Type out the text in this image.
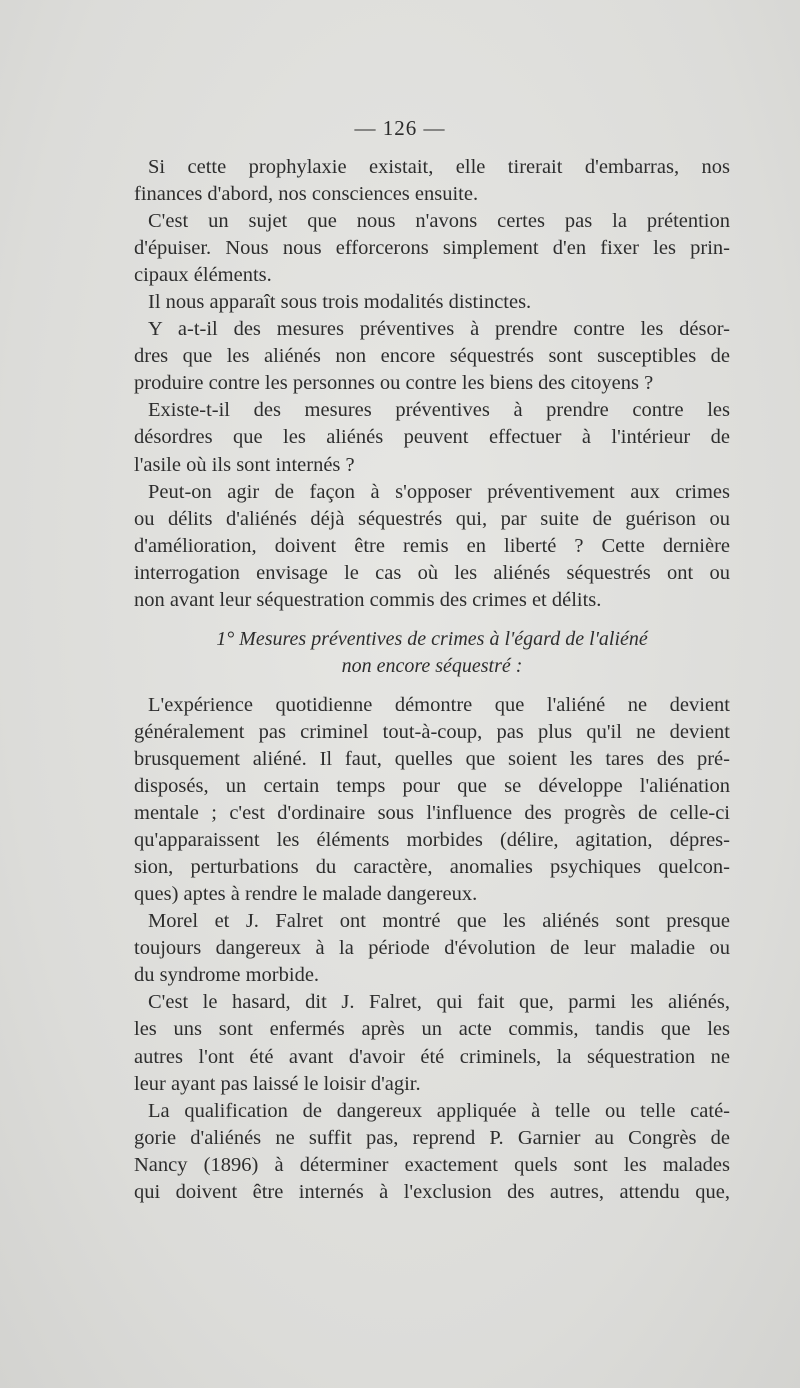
— 126 —
Si cette prophylaxie existait, elle tirerait d'embarras, nos
finances d'abord, nos consciences ensuite.
C'est un sujet que nous n'avons certes pas la prétention
d'épuiser. Nous nous efforcerons simplement d'en fixer les prin-
cipaux éléments.
Il nous apparaît sous trois modalités distinctes.
Y a-t-il des mesures préventives à prendre contre les désor-
dres que les aliénés non encore séquestrés sont susceptibles de
produire contre les personnes ou contre les biens des citoyens ?
Existe-t-il des mesures préventives à prendre contre les
désordres que les aliénés peuvent effectuer à l'intérieur de
l'asile où ils sont internés ?
Peut-on agir de façon à s'opposer préventivement aux crimes
ou délits d'aliénés déjà séquestrés qui, par suite de guérison ou
d'amélioration, doivent être remis en liberté ? Cette dernière
interrogation envisage le cas où les aliénés séquestrés ont ou
non avant leur séquestration commis des crimes et délits.
1° Mesures préventives de crimes à l'égard de l'aliéné
non encore séquestré :
L'expérience quotidienne démontre que l'aliéné ne devient
généralement pas criminel tout-à-coup, pas plus qu'il ne devient
brusquement aliéné. Il faut, quelles que soient les tares des pré-
disposés, un certain temps pour que se développe l'aliénation
mentale ; c'est d'ordinaire sous l'influence des progrès de celle-ci
qu'apparaissent les éléments morbides (délire, agitation, dépres-
sion, perturbations du caractère, anomalies psychiques quelcon-
ques) aptes à rendre le malade dangereux.
Morel et J. Falret ont montré que les aliénés sont presque
toujours dangereux à la période d'évolution de leur maladie ou
du syndrome morbide.
C'est le hasard, dit J. Falret, qui fait que, parmi les aliénés,
les uns sont enfermés après un acte commis, tandis que les
autres l'ont été avant d'avoir été criminels, la séquestration ne
leur ayant pas laissé le loisir d'agir.
La qualification de dangereux appliquée à telle ou telle caté-
gorie d'aliénés ne suffit pas, reprend P. Garnier au Congrès de
Nancy (1896) à déterminer exactement quels sont les malades
qui doivent être internés à l'exclusion des autres, attendu que,
